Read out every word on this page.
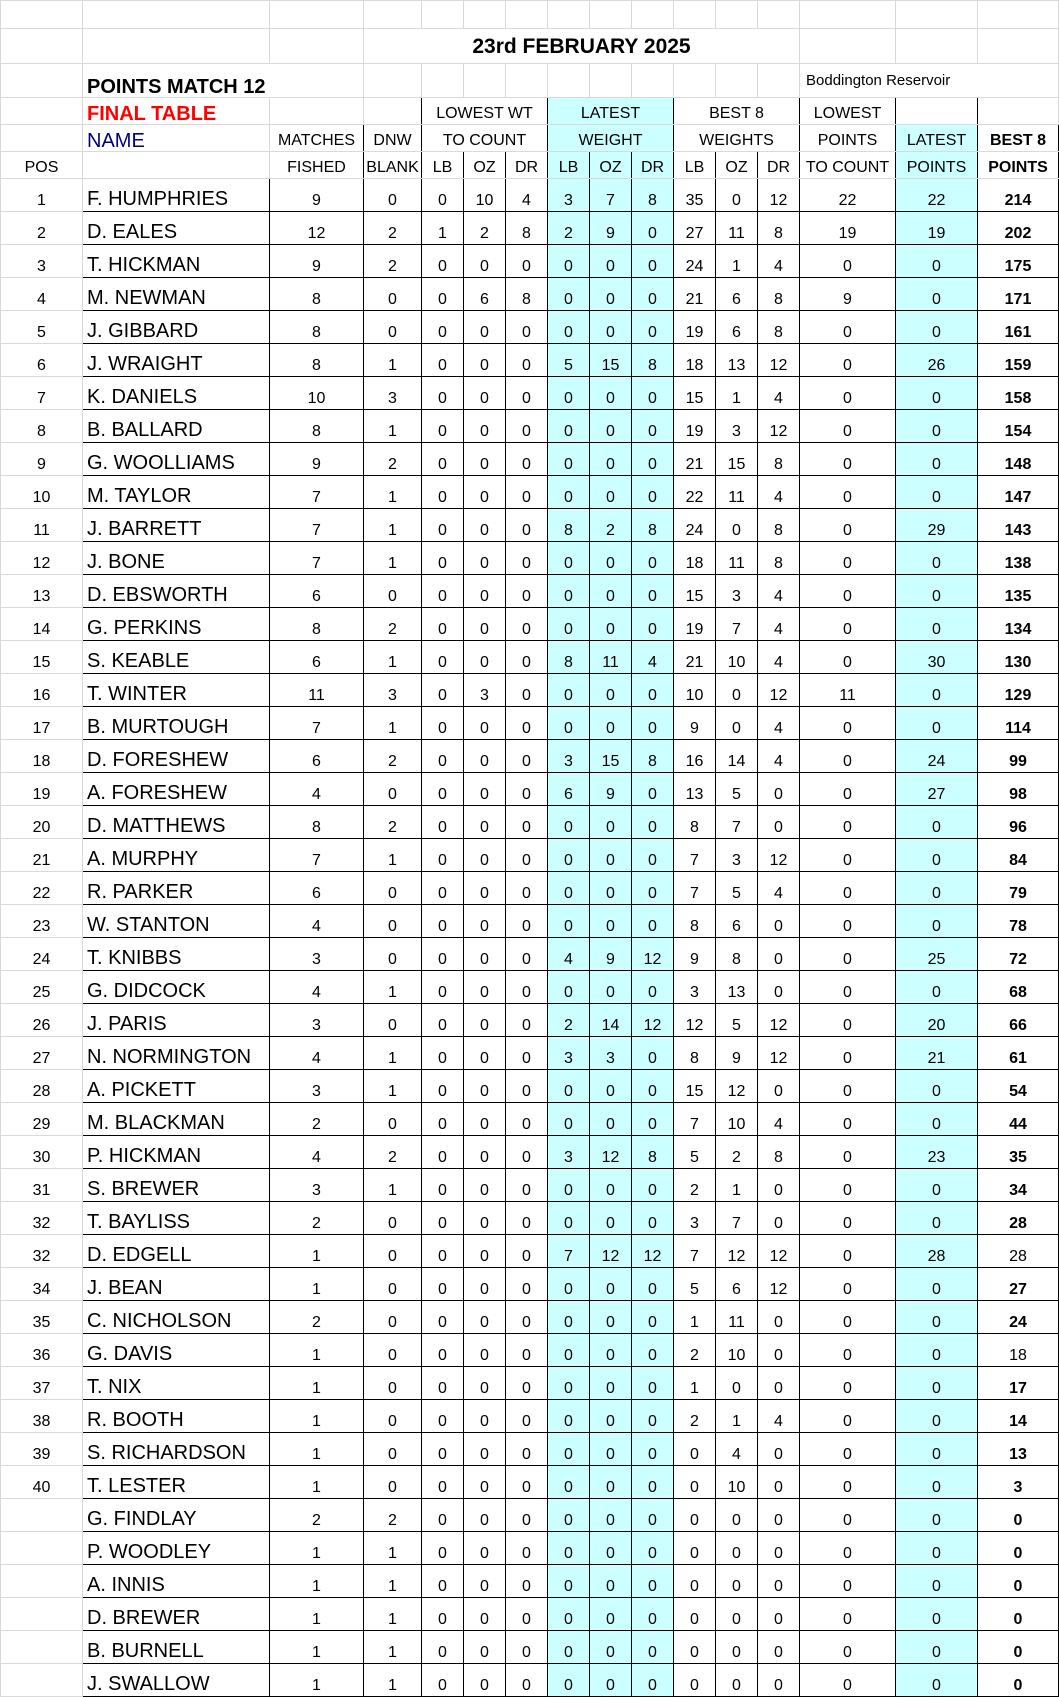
			23rd FEBRUARY 2025												
	POINTS MATCH 12												Boddington Reservoir		
	FINAL TABLE			LOWEST WT			LATEST			BEST 8			LOWEST		
	NAME	MATCHES	DNW	TO COUNT			WEIGHT			WEIGHTS			POINTS	LATEST	BEST 8
POS		FISHED	BLANK	LB	OZ	DR	LB	OZ	DR	LB	OZ	DR	TO COUNT	POINTS	POINTS
1	F. HUMPHRIES	9	0	0	10	4	3	7	8	35	0	12	22	22	214
2	D. EALES	12	2	1	2	8	2	9	0	27	11	8	19	19	202
3	T. HICKMAN	9	2	0	0	0	0	0	0	24	1	4	0	0	175
4	M. NEWMAN	8	0	0	6	8	0	0	0	21	6	8	9	0	171
5	J. GIBBARD	8	0	0	0	0	0	0	0	19	6	8	0	0	161
6	J. WRAIGHT	8	1	0	0	0	5	15	8	18	13	12	0	26	159
7	K. DANIELS	10	3	0	0	0	0	0	0	15	1	4	0	0	158
8	B. BALLARD	8	1	0	0	0	0	0	0	19	3	12	0	0	154
9	G. WOOLLIAMS	9	2	0	0	0	0	0	0	21	15	8	0	0	148
10	M. TAYLOR	7	1	0	0	0	0	0	0	22	11	4	0	0	147
11	J. BARRETT	7	1	0	0	0	8	2	8	24	0	8	0	29	143
12	J. BONE	7	1	0	0	0	0	0	0	18	11	8	0	0	138
13	D. EBSWORTH	6	0	0	0	0	0	0	0	15	3	4	0	0	135
14	G. PERKINS	8	2	0	0	0	0	0	0	19	7	4	0	0	134
15	S. KEABLE	6	1	0	0	0	8	11	4	21	10	4	0	30	130
16	T. WINTER	11	3	0	3	0	0	0	0	10	0	12	11	0	129
17	B. MURTOUGH	7	1	0	0	0	0	0	0	9	0	4	0	0	114
18	D. FORESHEW	6	2	0	0	0	3	15	8	16	14	4	0	24	99
19	A. FORESHEW	4	0	0	0	0	6	9	0	13	5	0	0	27	98
20	D. MATTHEWS	8	2	0	0	0	0	0	0	8	7	0	0	0	96
21	A. MURPHY	7	1	0	0	0	0	0	0	7	3	12	0	0	84
22	R. PARKER	6	0	0	0	0	0	0	0	7	5	4	0	0	79
23	W. STANTON	4	0	0	0	0	0	0	0	8	6	0	0	0	78
24	T. KNIBBS	3	0	0	0	0	4	9	12	9	8	0	0	25	72
25	G. DIDCOCK	4	1	0	0	0	0	0	0	3	13	0	0	0	68
26	J. PARIS	3	0	0	0	0	2	14	12	12	5	12	0	20	66
27	N. NORMINGTON	4	1	0	0	0	3	3	0	8	9	12	0	21	61
28	A. PICKETT	3	1	0	0	0	0	0	0	15	12	0	0	0	54
29	M. BLACKMAN	2	0	0	0	0	0	0	0	7	10	4	0	0	44
30	P. HICKMAN	4	2	0	0	0	3	12	8	5	2	8	0	23	35
31	S. BREWER	3	1	0	0	0	0	0	0	2	1	0	0	0	34
32	T. BAYLISS	2	0	0	0	0	0	0	0	3	7	0	0	0	28
32	D. EDGELL	1	0	0	0	0	7	12	12	7	12	12	0	28	28
34	J. BEAN	1	0	0	0	0	0	0	0	5	6	12	0	0	27
35	C. NICHOLSON	2	0	0	0	0	0	0	0	1	11	0	0	0	24
36	G. DAVIS	1	0	0	0	0	0	0	0	2	10	0	0	0	18
37	T. NIX	1	0	0	0	0	0	0	0	1	0	0	0	0	17
38	R. BOOTH	1	0	0	0	0	0	0	0	2	1	4	0	0	14
39	S. RICHARDSON	1	0	0	0	0	0	0	0	0	4	0	0	0	13
40	T. LESTER	1	0	0	0	0	0	0	0	0	10	0	0	0	3
	G. FINDLAY	2	2	0	0	0	0	0	0	0	0	0	0	0	0
	P. WOODLEY	1	1	0	0	0	0	0	0	0	0	0	0	0	0
	A. INNIS	1	1	0	0	0	0	0	0	0	0	0	0	0	0
	D. BREWER	1	1	0	0	0	0	0	0	0	0	0	0	0	0
	B. BURNELL	1	1	0	0	0	0	0	0	0	0	0	0	0	0
	J. SWALLOW	1	1	0	0	0	0	0	0	0	0	0	0	0	0
